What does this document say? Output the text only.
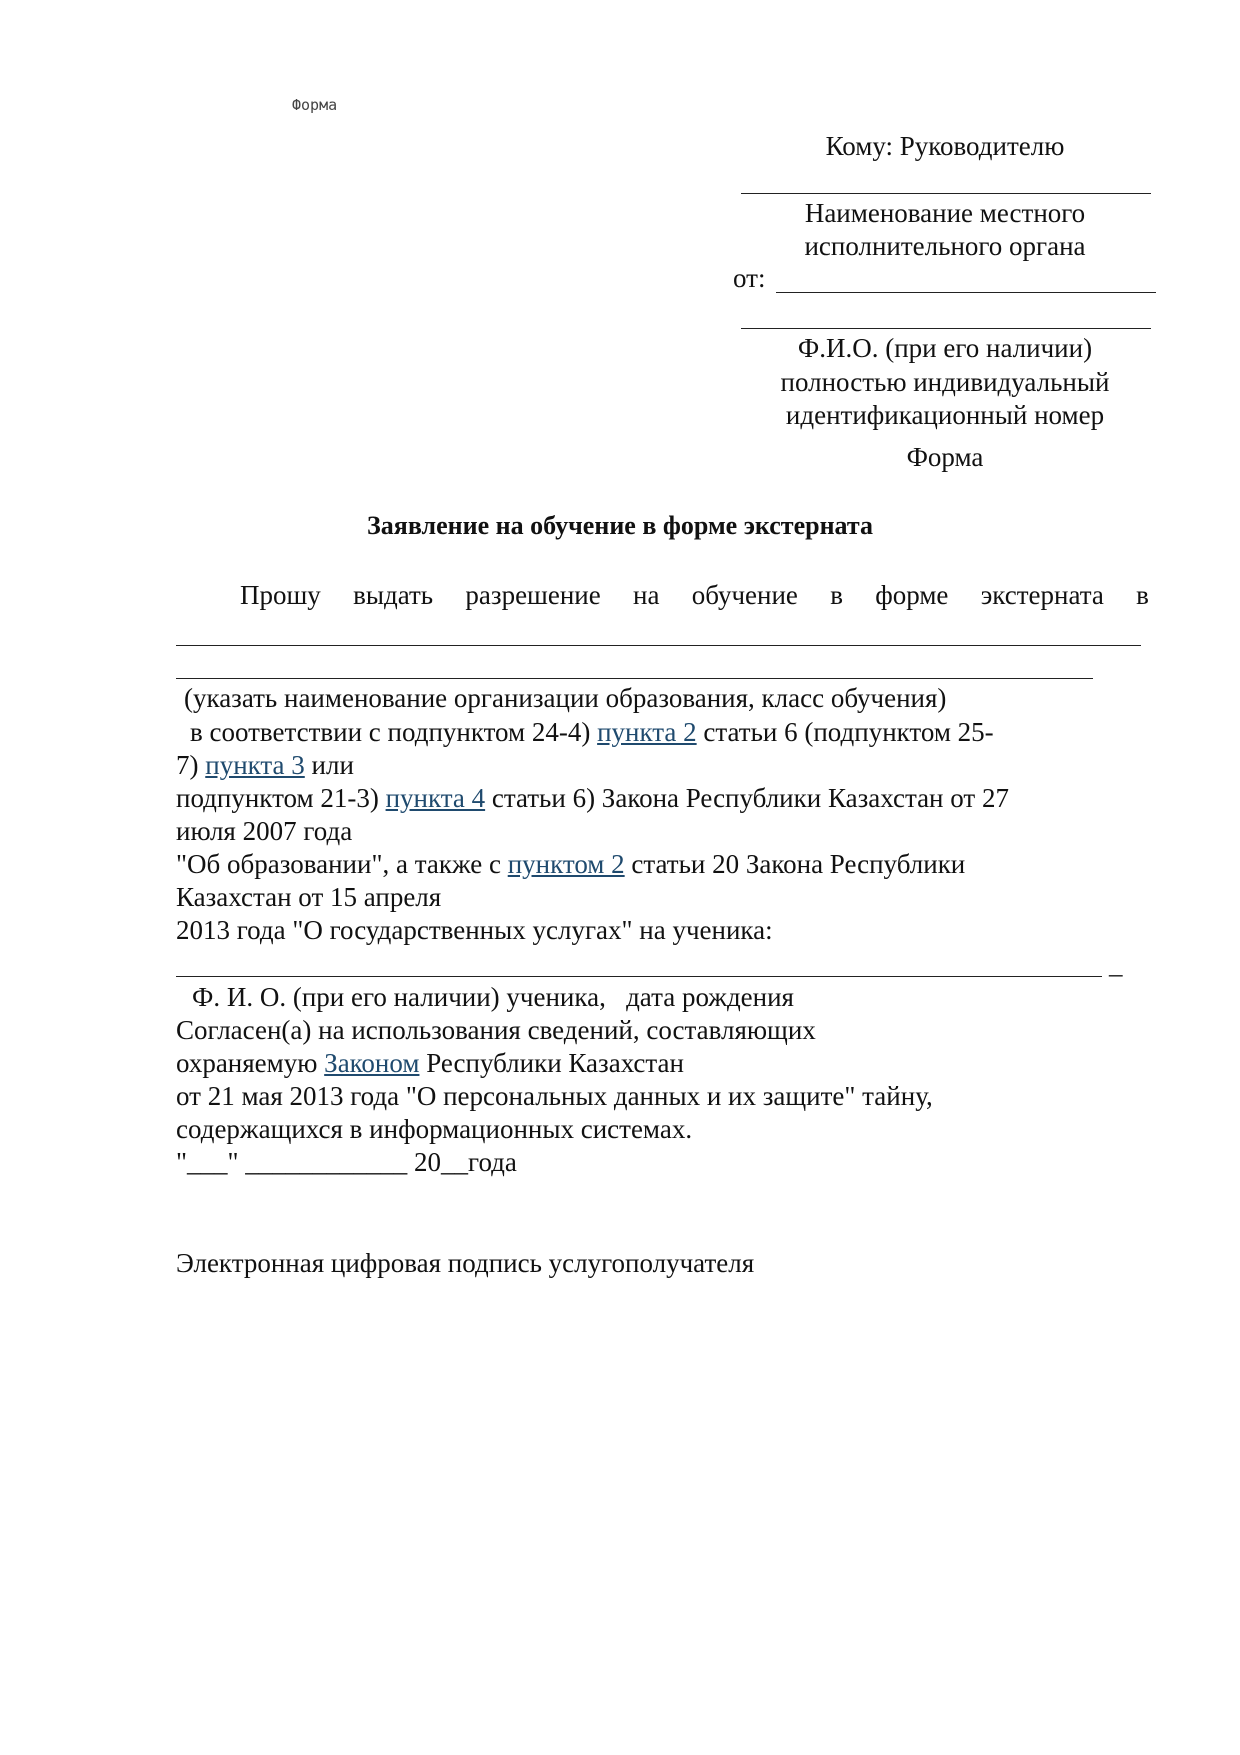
Форма
Кому: Руководителю
Наименование местного
исполнительного органа
от:
Ф.И.О. (при его наличии)
полностью индивидуальный
идентификационный номер
Форма
Заявление на обучение в форме экстерната
Прошу выдать разрешение на обучение в форме экстерната в
(указать наименование организации образования, класс обучения)
в соответствии с подпунктом 24-4) пункта 2 статьи 6 (подпунктом 25-
7) пункта 3 или
подпунктом 21-3) пункта 4 статьи 6) Закона Республики Казахстан от 27
июля 2007 года
"Об образовании", а также с пунктом 2 статьи 20 Закона Республики
Казахстан от 15 апреля
2013 года "О государственных услугах" на ученика:
_
Ф. И. О. (при его наличии) ученика,   дата рождения
Согласен(а) на использования сведений, составляющих
охраняемую Законом Республики Казахстан
от 21 мая 2013 года "О персональных данных и их защите" тайну,
содержащихся в информационных системах.
"___" ____________ 20__года
Электронная цифровая подпись услугополучателя
